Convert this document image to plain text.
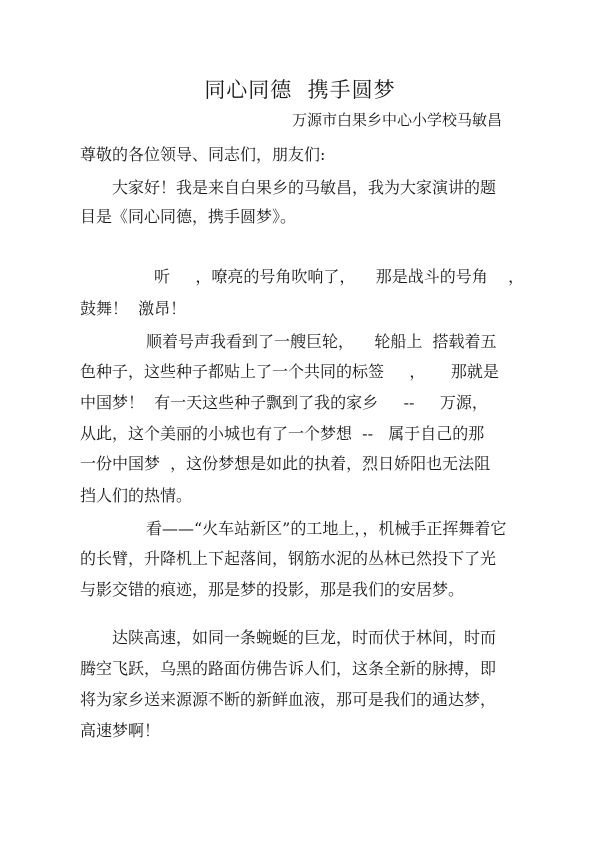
同心同德  携手圆梦
万源市白果乡中心小学校马敏昌
尊敬的各位领导、同志们，朋友们:
大家好！我是来自白果乡的马敏昌，我为大家演讲的题
目是《同心同德，携手圆梦》。
听     ，嘹亮的号角吹响了，    那是战斗的号角    ，
鼓舞！  激昂！
顺着号声我看到了一艘巨轮，    轮船上  搭载着五
色种子，这些种子都贴上了一个共同的标签     ，     那就是
中国梦！  有一天这些种子飘到了我的家乡     --     万源，
从此，这个美丽的小城也有了一个梦想  --   属于自己的那
一份中国梦  ，这份梦想是如此的执着，烈日娇阳也无法阻
挡人们的热情。
看——“火车站新区”的工地上，，机械手正挥舞着它
的长臂，升降机上下起落间，钢筋水泥的丛林已然投下了光
与影交错的痕迹，那是梦的投影，那是我们的安居梦。
达陕高速，如同一条蜿蜒的巨龙，时而伏于林间，时而
腾空飞跃，乌黑的路面仿佛告诉人们，这条全新的脉搏，即
将为家乡送来源源不断的新鲜血液，那可是我们的通达梦，
高速梦啊！
